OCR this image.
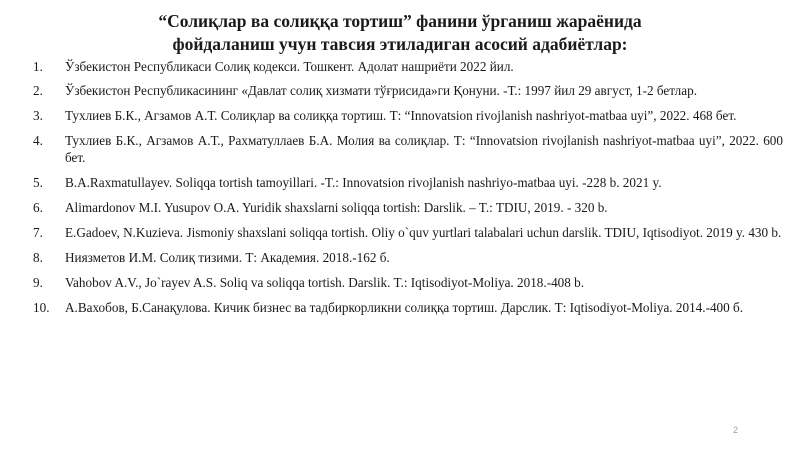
“Солиқлар ва солиққа тортиш” фанини ўрганиш жараёнида
фойдаланиш учун тавсия этиладиган асосий адабиётлар:
1. Ўзбекистон Республикаси Солиқ кодекси. Тошкент. Адолат нашриёти 2022 йил.
2. Ўзбекистон Республикасининг «Давлат солиқ хизмати тўғрисида»ги Қонуни. -Т.: 1997 йил 29 август, 1-2 бетлар.
3. Тухлиев Б.К., Агзамов А.Т. Солиқлар ва солиққа тортиш. Т: “Innovatsion rivojlanish nashriyot-matbaa uyi”, 2022. 468 бет.
4. Тухлиев Б.К., Агзамов А.Т., Рахматуллаев Б.А. Молия ва солиқлар. Т: “Innovatsion rivojlanish nashriyot-matbaa uyi”, 2022. 600 бет.
5. B.A.Raxmatullayev. Soliqqa tortish tamoyillari. -T.: Innovatsion rivojlanish nashriyo-matbaa uyi. -228 b. 2021 y.
6. Alimardonov M.I. Yusupov O.A. Yuridik shaxslarni soliqqa tortish: Darslik. – T.: TDIU, 2019. - 320 b.
7. E.Gadoev, N.Kuzieva. Jismoniy shaxslani soliqqa tortish. Oliy o`quv yurtlari talabalari uchun darslik. TDIU, Iqtisodiyot. 2019 y. 430 b.
8. Ниязметов И.М. Солиқ тизими. Т: Академия. 2018.-162 б.
9. Vahobov A.V., Jo`rayev A.S. Soliq va soliqqa tortish. Darslik. T.: Iqtisodiyot-Moliya. 2018.-408 b.
10. А.Вахобов, Б.Санақулова. Кичик бизнес ва тадбиркорликни солиққа тортиш. Дарслик. Т: Iqtisodiyot-Moliya. 2014.-400 б.
2
